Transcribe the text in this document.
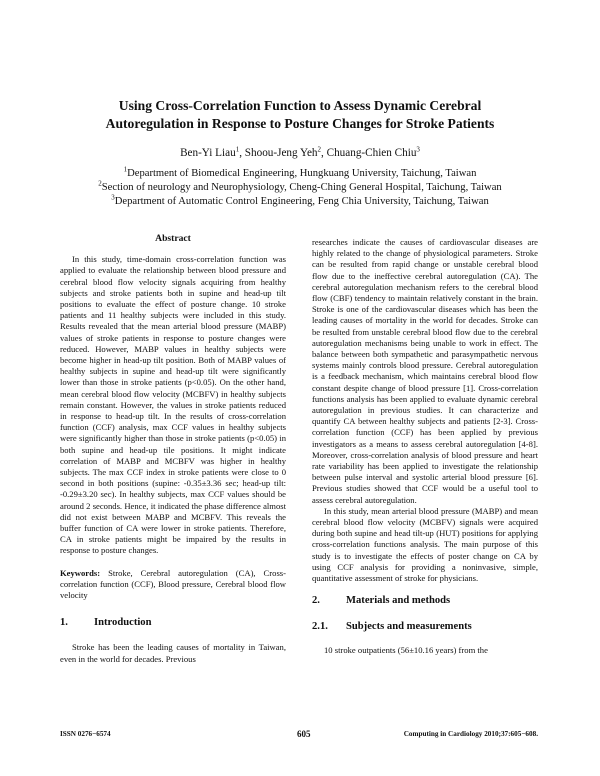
Using Cross-Correlation Function to Assess Dynamic Cerebral
Autoregulation in Response to Posture Changes for Stroke Patients
Ben-Yi Liau$^1$, Shoou-Jeng Yeh$^2$, Chuang-Chien Chiu$^3$
$^1$Department of Biomedical Engineering, Hungkuang University, Taichung, Taiwan
$^2$Section of neurology and Neurophysiology, Cheng-Ching General Hospital, Taichung, Taiwan
$^3$Department of Automatic Control Engineering, Feng Chia University, Taichung, Taiwan
Abstract

In this study, time-domain cross-correlation function was applied to evaluate the relationship between blood pressure and cerebral blood flow velocity signals acquiring from healthy subjects and stroke patients both in supine and head-up tilt positions to evaluate the effect of posture change. 10 stroke patients and 11 healthy subjects were included in this study. Results revealed that the mean arterial blood pressure (MABP) values of stroke patients in response to posture changes were reduced. However, MABP values in healthy subjects were become higher in head-up tilt position. Both of MABP values of healthy subjects in supine and head-up tilt were significantly lower than those in stroke patients (p<0.05). On the other hand, mean cerebral blood flow velocity (MCBFV) in healthy subjects remain constant. However, the values in stroke patients reduced in response to head-up tilt. In the results of cross-correlation function (CCF) analysis, max CCF values in healthy subjects were significantly higher than those in stroke patients (p<0.05) in both supine and head-up tile positions. It might indicate correlation of MABP and MCBFV was higher in healthy subjects. The max CCF index in stroke patients were close to 0 second in both positions (supine: -0.35±3.36 sec; head-up tilt: -0.29±3.20 sec). In healthy subjects, max CCF values should be around 2 seconds. Hence, it indicated the phase difference almost did not exist between MABP and MCBFV. This reveals the buffer function of CA were lower in stroke patients. Therefore, CA in stroke patients might be impaired by the results in response to posture changes.

Keywords: Stroke, Cerebral autoregulation (CA), Cross-correlation function (CCF), Blood pressure, Cerebral blood flow velocity

1.	Introduction

Stroke has been the leading causes of mortality in Taiwan, even in the world for decades. Previous

researches indicate the causes of cardiovascular diseases are highly related to the change of physiological parameters. Stroke can be resulted from rapid change or unstable cerebral blood flow due to the ineffective cerebral autoregulation (CA). The cerebral autoregulation mechanism refers to the cerebral blood flow (CBF) tendency to maintain relatively constant in the brain. Stroke is one of the cardiovascular diseases which has been the leading causes of mortality in the world for decades. Stroke can be resulted from unstable cerebral blood flow due to the cerebral autoregulation mechanisms being unable to work in effect. The balance between both sympathetic and parasympathetic nervous systems mainly controls blood pressure. Cerebral autoregulation is a feedback mechanism, which maintains cerebral blood flow constant despite change of blood pressure [1]. Cross-correlation functions analysis has been applied to evaluate dynamic cerebral autoregulation in previous studies. It can characterize and quantify CA between healthy subjects and patients [2-3]. Cross-correlation function (CCF) has been applied by previous investigators as a means to assess cerebral autoregulation [4-8]. Moreover, cross-correlation analysis of blood pressure and heart rate variability has been applied to investigate the relationship between pulse interval and systolic arterial blood pressure [6]. Previous studies showed that CCF would be a useful tool to assess cerebral autoregulation.

In this study, mean arterial blood pressure (MABP) and mean cerebral blood flow velocity (MCBFV) signals were acquired during both supine and head tilt-up (HUT) positions for applying cross-correlation functions analysis. The main purpose of this study is to investigate the effects of poster change on CA by using CCF analysis for providing a noninvasive, simple, quantitative assessment of stroke for physicians.

2.	Materials and methods
2.1.	Subjects and measurements

10 stroke outpatients (56±10.16 years) from the

ISSN 0276−6574	605	Computing in Cardiology 2010;37:605−608.
